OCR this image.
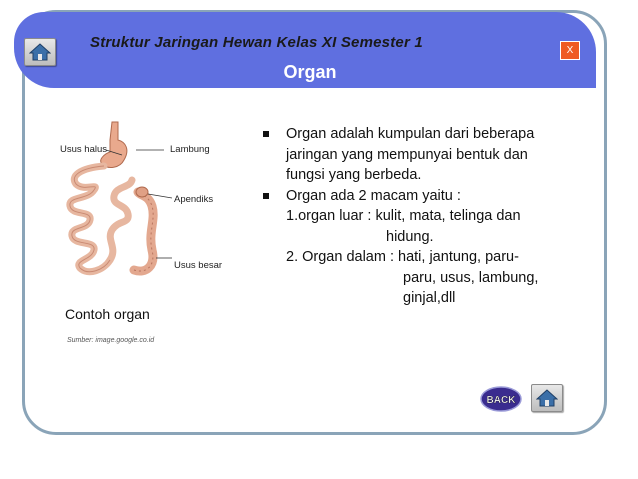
Struktur Jaringan Hewan Kelas XI Semester 1
Organ
X
Usus halus	Lambung
Apendiks
Usus besar
Contoh organ
Sumber: image.google.co.id
Organ adalah kumpulan dari beberapa
jaringan yang mempunyai bentuk dan
fungsi yang berbeda.
Organ ada 2 macam yaitu :
1.organ luar : kulit, mata, telinga dan
hidung.
2. Organ dalam : hati, jantung, paru-
paru, usus, lambung,
ginjal,dll
BACK
